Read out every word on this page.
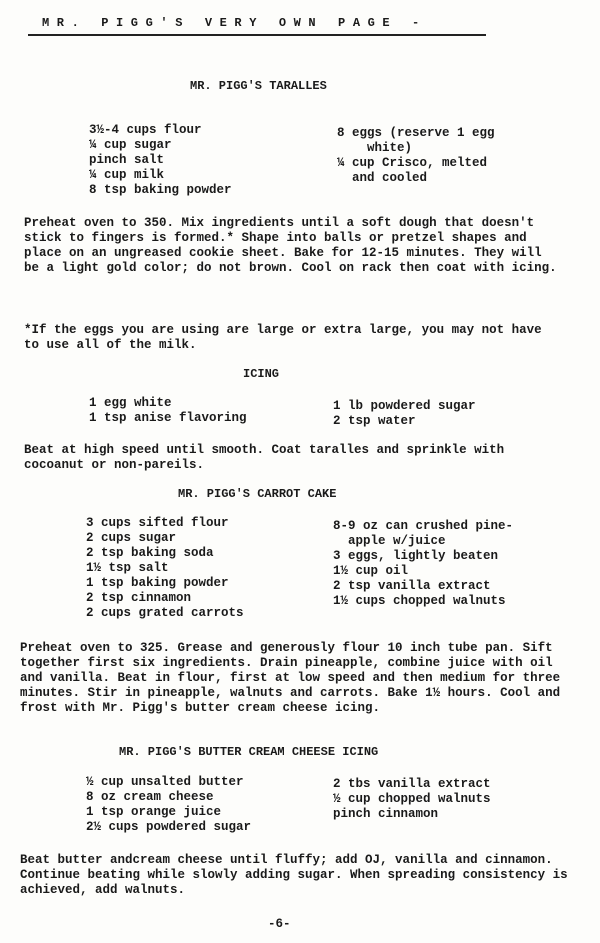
MR. PIGG'S VERY OWN PAGE -
MR. PIGG'S TARALLES
3½-4 cups flour
¼ cup sugar
pinch salt
¼ cup milk
8 tsp baking powder
8 eggs (reserve 1 egg
white)
¼ cup Crisco, melted
and cooled
Preheat oven to 350. Mix ingredients until a soft dough that doesn't stick to fingers is formed.* Shape into balls or pretzel shapes and place on an ungreased cookie sheet. Bake for 12-15 minutes. They will be a light gold color; do not brown. Cool on rack then coat with icing.
*If the eggs you are using are large or extra large, you may not have to use all of the milk.
ICING
1 egg white
1 tsp anise flavoring
1 lb powdered sugar
2 tsp water
Beat at high speed until smooth. Coat taralles and sprinkle with cocoanut or non-pareils.
MR. PIGG'S CARROT CAKE
3 cups sifted flour
2 cups sugar
2 tsp baking soda
1½ tsp salt
1 tsp baking powder
2 tsp cinnamon
2 cups grated carrots
8-9 oz can crushed pine-
apple w/juice
3 eggs, lightly beaten
1½ cup oil
2 tsp vanilla extract
1½ cups chopped walnuts
Preheat oven to 325. Grease and generously flour 10 inch tube pan. Sift together first six ingredients. Drain pineapple, combine juice with oil and vanilla. Beat in flour, first at low speed and then medium for three minutes. Stir in pineapple, walnuts and carrots. Bake 1½ hours. Cool and frost with Mr. Pigg's butter cream cheese icing.
MR. PIGG'S BUTTER CREAM CHEESE ICING
½ cup unsalted butter
8 oz cream cheese
1 tsp orange juice
2½ cups powdered sugar
2 tbs vanilla extract
½ cup chopped walnuts
pinch cinnamon
Beat butter andcream cheese until fluffy; add OJ, vanilla and cinnamon. Continue beating while slowly adding sugar. When spreading consistency is achieved, add walnuts.
-6-
